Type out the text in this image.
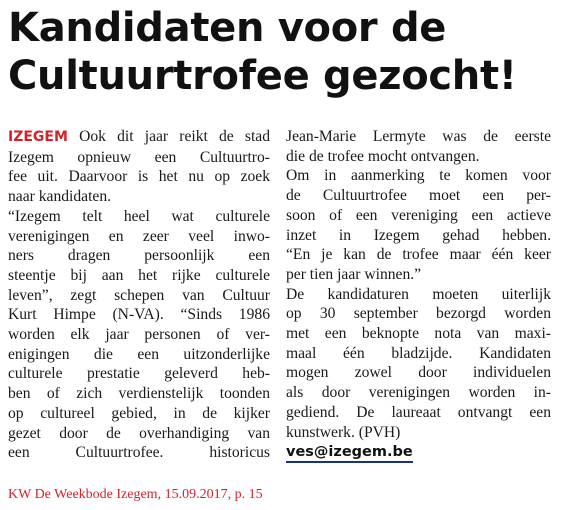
Kandidaten voor de
Cultuurtrofee gezocht!
IZEGEM Ook dit jaar reikt de stad
Izegem opnieuw een Cultuurtro-
fee uit. Daarvoor is het nu op zoek
naar kandidaten.
“Izegem telt heel wat culturele
verenigingen en zeer veel inwo-
ners dragen persoonlijk een
steentje bij aan het rijke culturele
leven”, zegt schepen van Cultuur
Kurt Himpe (N-VA). “Sinds 1986
worden elk jaar personen of ver-
enigingen die een uitzonderlijke
culturele prestatie geleverd heb-
ben of zich verdienstelijk toonden
op cultureel gebied, in de kijker
gezet door de overhandiging van
een Cultuurtrofee. historicus
Jean-Marie Lermyte was de eerste
die de trofee mocht ontvangen.
Om in aanmerking te komen voor
de Cultuurtrofee moet een per-
soon of een vereniging een actieve
inzet in Izegem gehad hebben.
“En je kan de trofee maar één keer
per tien jaar winnen.”
De kandidaturen moeten uiterlijk
op 30 september bezorgd worden
met een beknopte nota van maxi-
maal één bladzijde. Kandidaten
mogen zowel door individuelen
als door verenigingen worden in-
gediend. De laureaat ontvangt een
kunstwerk. (PVH)
ves@izegem.be
KW De Weekbode Izegem, 15.09.2017, p. 15
